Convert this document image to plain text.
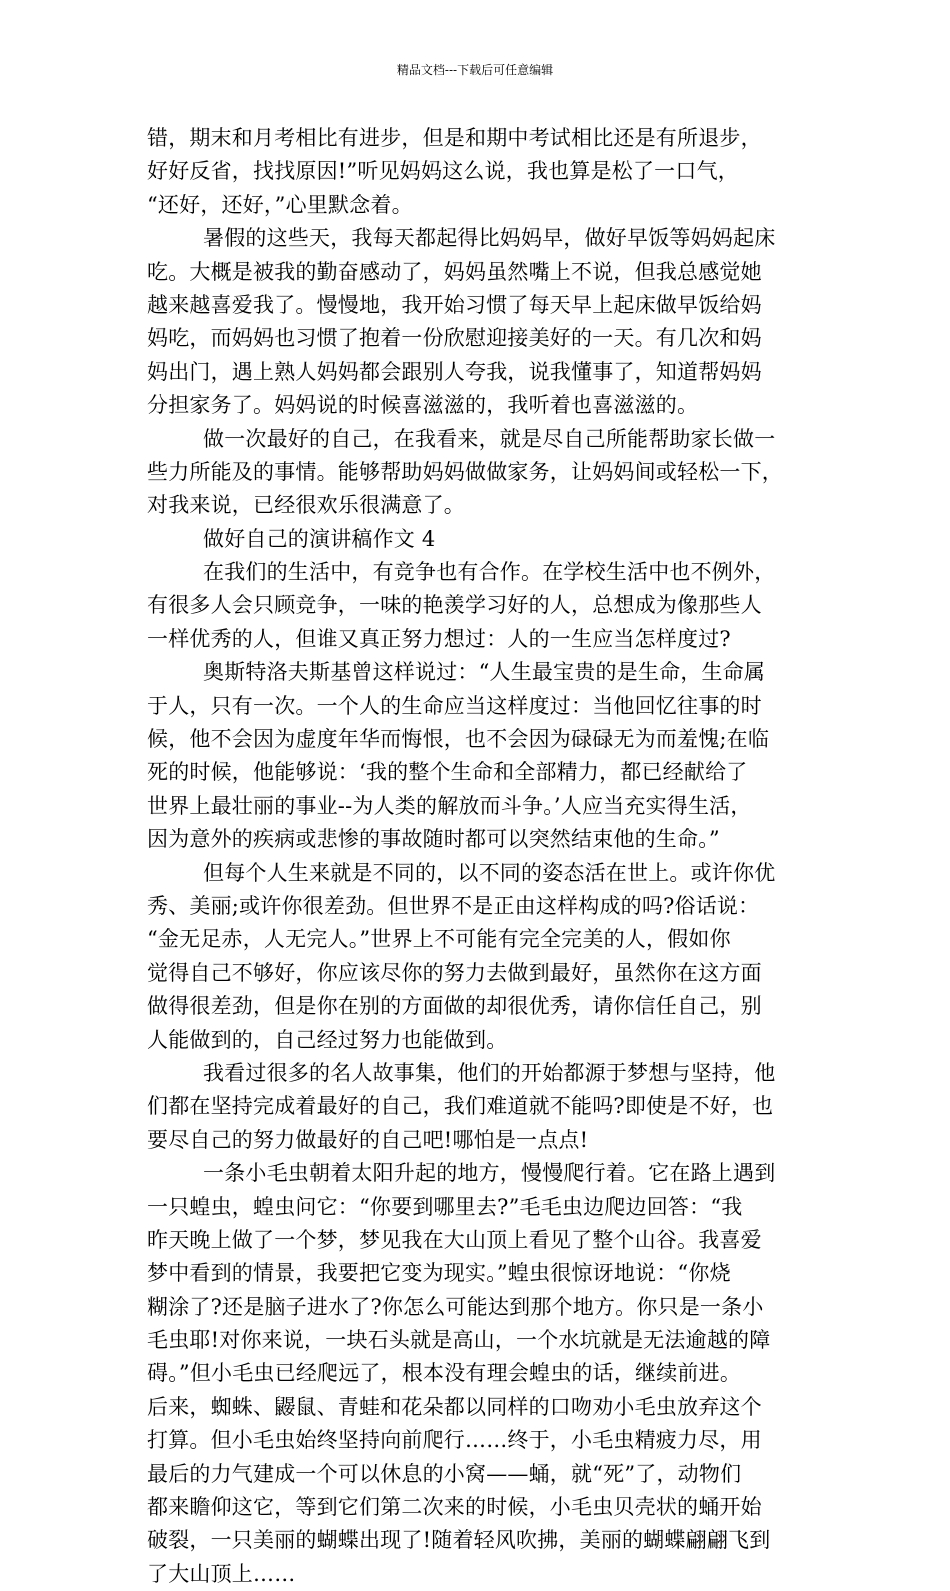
精品文档---下载后可任意编辑
错，期末和月考相比有进步，但是和期中考试相比还是有所退步，
好好反省，找找原因!”听见妈妈这么说，我也算是松了一口气，
“还好，还好，”心里默念着。
暑假的这些天，我每天都起得比妈妈早，做好早饭等妈妈起床
吃。大概是被我的勤奋感动了，妈妈虽然嘴上不说，但我总感觉她
越来越喜爱我了。慢慢地，我开始习惯了每天早上起床做早饭给妈
妈吃，而妈妈也习惯了抱着一份欣慰迎接美好的一天。有几次和妈
妈出门，遇上熟人妈妈都会跟别人夸我，说我懂事了，知道帮妈妈
分担家务了。妈妈说的时候喜滋滋的，我听着也喜滋滋的。
做一次最好的自己，在我看来，就是尽自己所能帮助家长做一
些力所能及的事情。能够帮助妈妈做做家务，让妈妈间或轻松一下，
对我来说，已经很欢乐很满意了。
做好自己的演讲稿作文 4
在我们的生活中，有竞争也有合作。在学校生活中也不例外，
有很多人会只顾竞争，一味的艳羡学习好的人，总想成为像那些人
一样优秀的人，但谁又真正努力想过：人的一生应当怎样度过?
奥斯特洛夫斯基曾这样说过：“人生最宝贵的是生命，生命属
于人，只有一次。一个人的生命应当这样度过：当他回忆往事的时
候，他不会因为虚度年华而悔恨，也不会因为碌碌无为而羞愧;在临
死的时候，他能够说：‘我的整个生命和全部精力，都已经献给了
世界上最壮丽的事业--为人类的解放而斗争。’人应当充实得生活，
因为意外的疾病或悲惨的事故随时都可以突然结束他的生命。”
但每个人生来就是不同的，以不同的姿态活在世上。或许你优
秀、美丽;或许你很差劲。但世界不是正由这样构成的吗?俗话说：
“金无足赤，人无完人。”世界上不可能有完全完美的人，假如你
觉得自己不够好，你应该尽你的努力去做到最好，虽然你在这方面
做得很差劲，但是你在别的方面做的却很优秀，请你信任自己，别
人能做到的，自己经过努力也能做到。
我看过很多的名人故事集，他们的开始都源于梦想与坚持，他
们都在坚持完成着最好的自己，我们难道就不能吗?即使是不好，也
要尽自己的努力做最好的自己吧!哪怕是一点点!
一条小毛虫朝着太阳升起的地方，慢慢爬行着。它在路上遇到
一只蝗虫，蝗虫问它：“你要到哪里去?”毛毛虫边爬边回答：“我
昨天晚上做了一个梦，梦见我在大山顶上看见了整个山谷。我喜爱
梦中看到的情景，我要把它变为现实。”蝗虫很惊讶地说：“你烧
糊涂了?还是脑子进水了?你怎么可能达到那个地方。你只是一条小
毛虫耶!对你来说，一块石头就是高山，一个水坑就是无法逾越的障
碍。”但小毛虫已经爬远了，根本没有理会蝗虫的话，继续前进。
后来，蜘蛛、鼹鼠、青蛙和花朵都以同样的口吻劝小毛虫放弃这个
打算。但小毛虫始终坚持向前爬行……终于，小毛虫精疲力尽，用
最后的力气建成一个可以休息的小窝——蛹，就“死”了，动物们
都来瞻仰这它，等到它们第二次来的时候，小毛虫贝壳状的蛹开始
破裂，一只美丽的蝴蝶出现了!随着轻风吹拂，美丽的蝴蝶翩翩飞到
了大山顶上……
